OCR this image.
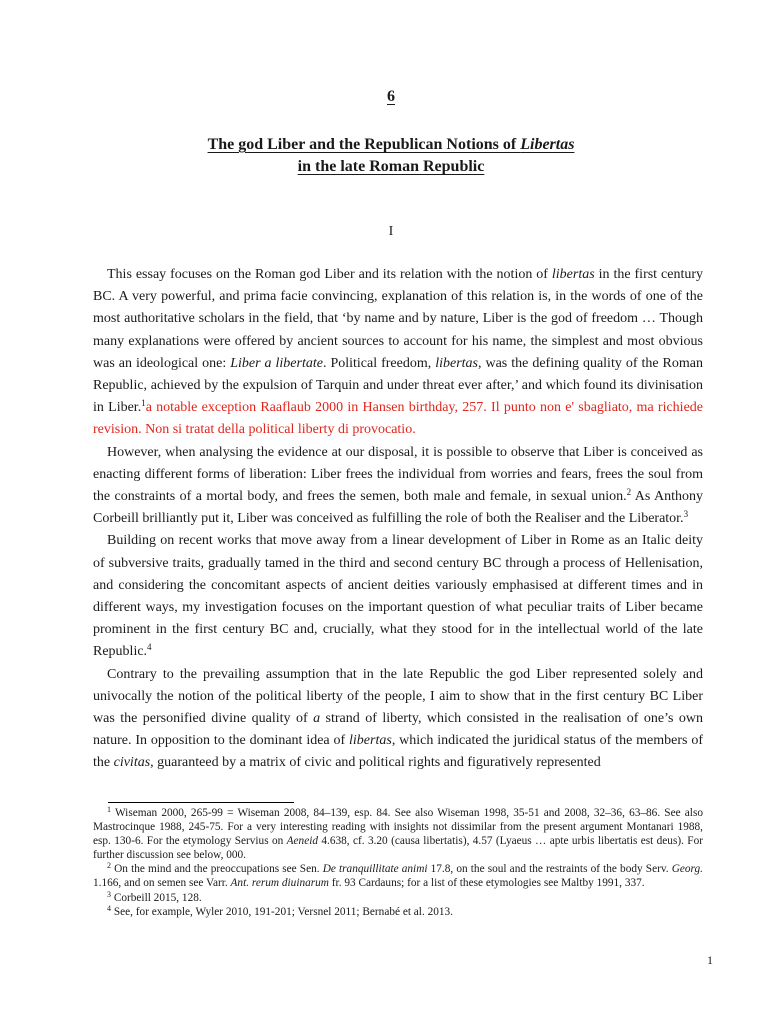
6
The god Liber and the Republican Notions of Libertas
in the late Roman Republic
I

This essay focuses on the Roman god Liber and its relation with the notion of libertas in the first century BC. A very powerful, and prima facie convincing, explanation of this relation is, in the words of one of the most authoritative scholars in the field, that ‘by name and by nature, Liber is the god of freedom … Though many explanations were offered by ancient sources to account for his name, the simplest and most obvious was an ideological one: Liber a libertate. Political freedom, libertas, was the defining quality of the Roman Republic, achieved by the expulsion of Tarquin and under threat ever after,’ and which found its divinisation in Liber.$^1$a notable exception Raaflaub 2000 in Hansen birthday, 257. Il punto non e' sbagliato, ma richiede revision. Non si tratat della political liberty di provocatio.

However, when analysing the evidence at our disposal, it is possible to observe that Liber is conceived as enacting different forms of liberation: Liber frees the individual from worries and fears, frees the soul from the constraints of a mortal body, and frees the semen, both male and female, in sexual union.$^2$ As Anthony Corbeill brilliantly put it, Liber was conceived as fulfilling the role of both the Realiser and the Liberator.$^3$

Building on recent works that move away from a linear development of Liber in Rome as an Italic deity of subversive traits, gradually tamed in the third and second century BC through a process of Hellenisation, and considering the concomitant aspects of ancient deities variously emphasised at different times and in different ways, my investigation focuses on the important question of what peculiar traits of Liber became prominent in the first century BC and, crucially, what they stood for in the intellectual world of the late Republic.$^4$

Contrary to the prevailing assumption that in the late Republic the god Liber represented solely and univocally the notion of the political liberty of the people, I aim to show that in the first century BC Liber was the personified divine quality of a strand of liberty, which consisted in the realisation of one’s own nature. In opposition to the dominant idea of libertas, which indicated the juridical status of the members of the civitas, guaranteed by a matrix of civic and political rights and figuratively represented

$^1$ Wiseman 2000, 265-99 = Wiseman 2008, 84–139, esp. 84. See also Wiseman 1998, 35-51 and 2008, 32–36, 63–86. See also Mastrocinque 1988, 245-75. For a very interesting reading with insights not dissimilar from the present argument Montanari 1988, esp. 130-6. For the etymology Servius on Aeneid 4.638, cf. 3.20 (causa libertatis), 4.57 (Lyaeus … apte urbis libertatis est deus). For further discussion see below, 000.

$^2$ On the mind and the preoccupations see Sen. De tranquillitate animi 17.8, on the soul and the restraints of the body Serv. Georg. 1.166, and on semen see Varr. Ant. rerum diuinarum fr. 93 Cardauns; for a list of these etymologies see Maltby 1991, 337.

$^3$ Corbeill 2015, 128.

$^4$ See, for example, Wyler 2010, 191-201; Versnel 2011; Bernabé et al. 2013.

1
